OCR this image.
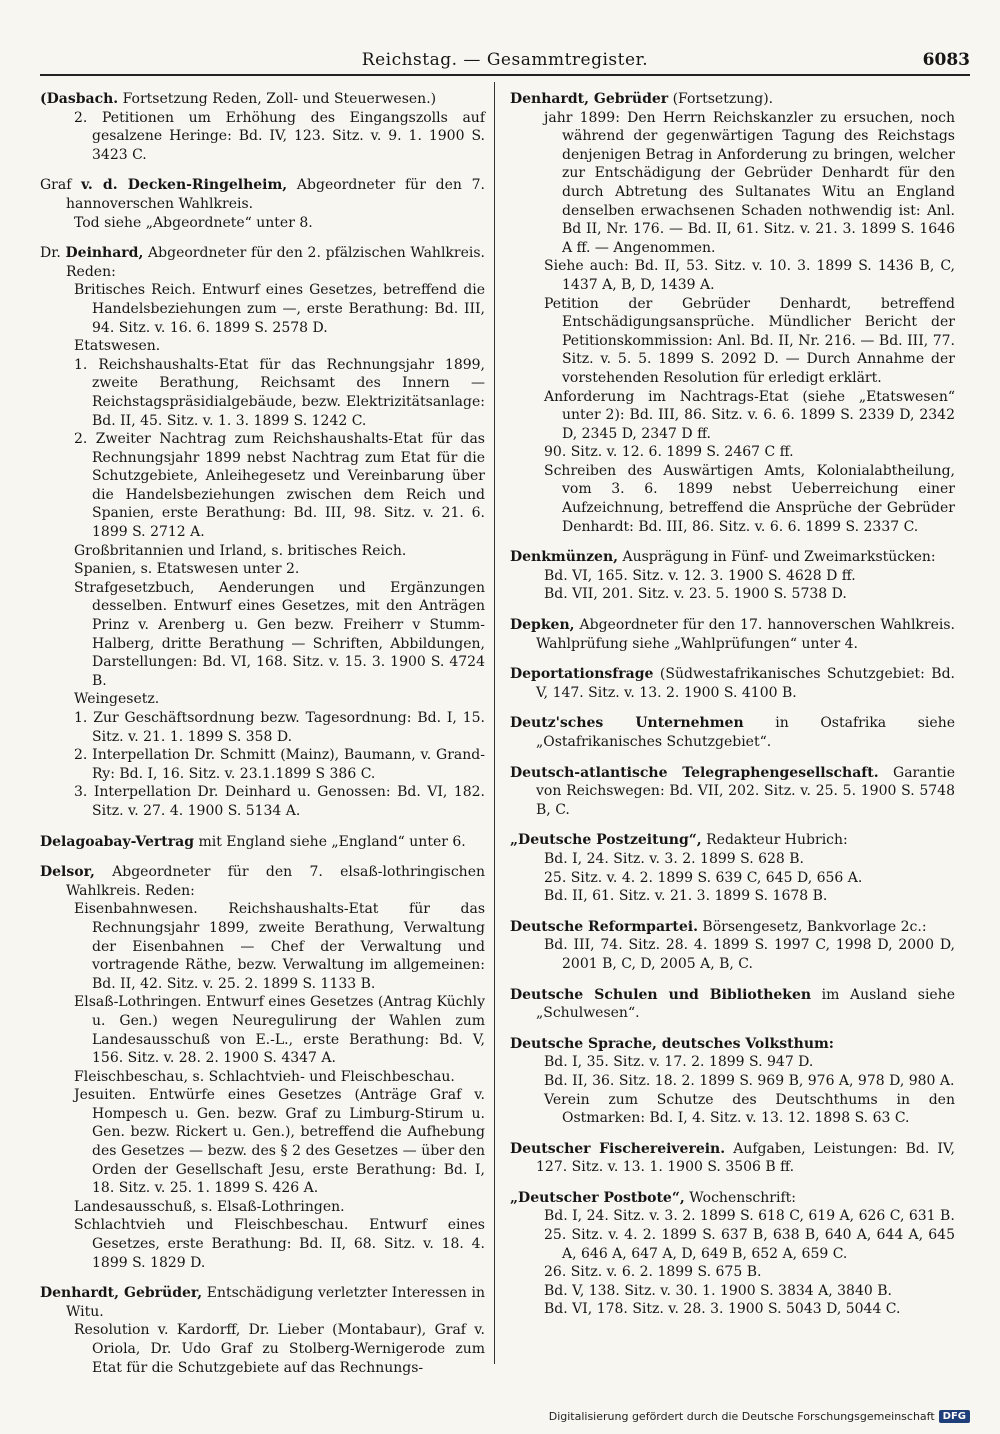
Reichstag. — Gesammtregister.	6083

(Dasbach. Fortsetzung Reden, Zoll- und Steuerwesen.)

2. Petitionen um Erhöhung des Eingangszolls auf gesalzene Heringe: Bd. IV, 123. Sitz. v. 9. 1. 1900 S. 3423 C.

Graf v. d. Decken-Ringelheim, Abgeordneter für den 7. hannoverschen Wahlkreis.

Tod siehe „Abgeordnete“ unter 8.

Dr. Deinhard, Abgeordneter für den 2. pfälzischen Wahlkreis. Reden:

Britisches Reich. Entwurf eines Gesetzes, betreffend die Handelsbeziehungen zum —, erste Berathung: Bd. III, 94. Sitz. v. 16. 6. 1899 S. 2578 D.

Etatswesen.

1. Reichshaushalts-Etat für das Rechnungsjahr 1899, zweite Berathung, Reichsamt des Innern — Reichstagspräsidialgebäude, bezw. Elektrizitätsanlage: Bd. II, 45. Sitz. v. 1. 3. 1899 S. 1242 C.

2. Zweiter Nachtrag zum Reichshaushalts-Etat für das Rechnungsjahr 1899 nebst Nachtrag zum Etat für die Schutzgebiete, Anleihegesetz und Vereinbarung über die Handelsbeziehungen zwischen dem Reich und Spanien, erste Berathung: Bd. III, 98. Sitz. v. 21. 6. 1899 S. 2712 A.

Großbritannien und Irland, s. britisches Reich.

Spanien, s. Etatswesen unter 2.

Strafgesetzbuch, Aenderungen und Ergänzungen desselben. Entwurf eines Gesetzes, mit den Anträgen Prinz v. Arenberg u. Gen bezw. Freiherr v Stumm-Halberg, dritte Berathung — Schriften, Abbildungen, Darstellungen: Bd. VI, 168. Sitz. v. 15. 3. 1900 S. 4724 B.

Weingesetz.

1. Zur Geschäftsordnung bezw. Tagesordnung: Bd. I, 15. Sitz. v. 21. 1. 1899 S. 358 D.

2. Interpellation Dr. Schmitt (Mainz), Baumann, v. Grand-Ry: Bd. I, 16. Sitz. v. 23.1.1899 S 386 C.

3. Interpellation Dr. Deinhard u. Genossen: Bd. VI, 182. Sitz. v. 27. 4. 1900 S. 5134 A.

Delagoabay-Vertrag mit England siehe „England“ unter 6.

Delsor, Abgeordneter für den 7. elsaß-lothringischen Wahlkreis. Reden:

Eisenbahnwesen. Reichshaushalts-Etat für das Rechnungsjahr 1899, zweite Berathung, Verwaltung der Eisenbahnen — Chef der Verwaltung und vortragende Räthe, bezw. Verwaltung im allgemeinen: Bd. II, 42. Sitz. v. 25. 2. 1899 S. 1133 B.

Elsaß-Lothringen. Entwurf eines Gesetzes (Antrag Küchly u. Gen.) wegen Neuregulirung der Wahlen zum Landesausschuß von E.-L., erste Berathung: Bd. V, 156. Sitz. v. 28. 2. 1900 S. 4347 A.

Fleischbeschau, s. Schlachtvieh- und Fleischbeschau.

Jesuiten. Entwürfe eines Gesetzes (Anträge Graf v. Hompesch u. Gen. bezw. Graf zu Limburg-Stirum u. Gen. bezw. Rickert u. Gen.), betreffend die Aufhebung des Gesetzes — bezw. des § 2 des Gesetzes — über den Orden der Gesellschaft Jesu, erste Berathung: Bd. I, 18. Sitz. v. 25. 1. 1899 S. 426 A.

Landesausschuß, s. Elsaß-Lothringen.

Schlachtvieh und Fleischbeschau. Entwurf eines Gesetzes, erste Berathung: Bd. II, 68. Sitz. v. 18. 4. 1899 S. 1829 D.

Denhardt, Gebrüder, Entschädigung verletzter Interessen in Witu.

Resolution v. Kardorff, Dr. Lieber (Montabaur), Graf v. Oriola, Dr. Udo Graf zu Stolberg-Wernigerode zum Etat für die Schutzgebiete auf das Rechnungs-

Denhardt, Gebrüder (Fortsetzung).

jahr 1899: Den Herrn Reichskanzler zu ersuchen, noch während der gegenwärtigen Tagung des Reichstags denjenigen Betrag in Anforderung zu bringen, welcher zur Entschädigung der Gebrüder Denhardt für den durch Abtretung des Sultanates Witu an England denselben erwachsenen Schaden nothwendig ist: Anl. Bd II, Nr. 176. — Bd. II, 61. Sitz. v. 21. 3. 1899 S. 1646 A ff. — Angenommen.

Siehe auch: Bd. II, 53. Sitz. v. 10. 3. 1899 S. 1436 B, C, 1437 A, B, D, 1439 A.

Petition der Gebrüder Denhardt, betreffend Entschädigungsansprüche. Mündlicher Bericht der Petitionskommission: Anl. Bd. II, Nr. 216. — Bd. III, 77. Sitz. v. 5. 5. 1899 S. 2092 D. — Durch Annahme der vorstehenden Resolution für erledigt erklärt.

Anforderung im Nachtrags-Etat (siehe „Etatswesen“ unter 2): Bd. III, 86. Sitz. v. 6. 6. 1899 S. 2339 D, 2342 D, 2345 D, 2347 D ff.

90. Sitz. v. 12. 6. 1899 S. 2467 C ff.

Schreiben des Auswärtigen Amts, Kolonialabtheilung, vom 3. 6. 1899 nebst Ueberreichung einer Aufzeichnung, betreffend die Ansprüche der Gebrüder Denhardt: Bd. III, 86. Sitz. v. 6. 6. 1899 S. 2337 C.

Denkmünzen, Ausprägung in Fünf- und Zweimarkstücken:

Bd. VI, 165. Sitz. v. 12. 3. 1900 S. 4628 D ff.

Bd. VII, 201. Sitz. v. 23. 5. 1900 S. 5738 D.

Depken, Abgeordneter für den 17. hannoverschen Wahlkreis. Wahlprüfung siehe „Wahlprüfungen“ unter 4.

Deportationsfrage (Südwestafrikanisches Schutzgebiet: Bd. V, 147. Sitz. v. 13. 2. 1900 S. 4100 B.

Deutz'sches Unternehmen in Ostafrika siehe „Ostafrikanisches Schutzgebiet“.

Deutsch-atlantische Telegraphengesellschaft. Garantie von Reichswegen: Bd. VII, 202. Sitz. v. 25. 5. 1900 S. 5748 B, C.

„Deutsche Postzeitung“, Redakteur Hubrich:

Bd. I, 24. Sitz. v. 3. 2. 1899 S. 628 B.

25. Sitz. v. 4. 2. 1899 S. 639 C, 645 D, 656 A.

Bd. II, 61. Sitz. v. 21. 3. 1899 S. 1678 B.

Deutsche Reformpartei. Börsengesetz, Bankvorlage 2c.:

Bd. III, 74. Sitz. 28. 4. 1899 S. 1997 C, 1998 D, 2000 D, 2001 B, C, D, 2005 A, B, C.

Deutsche Schulen und Bibliotheken im Ausland siehe „Schulwesen“.

Deutsche Sprache, deutsches Volksthum:

Bd. I, 35. Sitz. v. 17. 2. 1899 S. 947 D.

Bd. II, 36. Sitz. 18. 2. 1899 S. 969 B, 976 A, 978 D, 980 A.

Verein zum Schutze des Deutschthums in den Ostmarken: Bd. I, 4. Sitz. v. 13. 12. 1898 S. 63 C.

Deutscher Fischereiverein. Aufgaben, Leistungen: Bd. IV, 127. Sitz. v. 13. 1. 1900 S. 3506 B ff.

„Deutscher Postbote“, Wochenschrift:

Bd. I, 24. Sitz. v. 3. 2. 1899 S. 618 C, 619 A, 626 C, 631 B.

25. Sitz. v. 4. 2. 1899 S. 637 B, 638 B, 640 A, 644 A, 645 A, 646 A, 647 A, D, 649 B, 652 A, 659 C.

26. Sitz. v. 6. 2. 1899 S. 675 B.

Bd. V, 138. Sitz. v. 30. 1. 1900 S. 3834 A, 3840 B.

Bd. VI, 178. Sitz. v. 28. 3. 1900 S. 5043 D, 5044 C.

Digitalisierung gefördert durch die Deutsche Forschungsgemeinschaft DFG
